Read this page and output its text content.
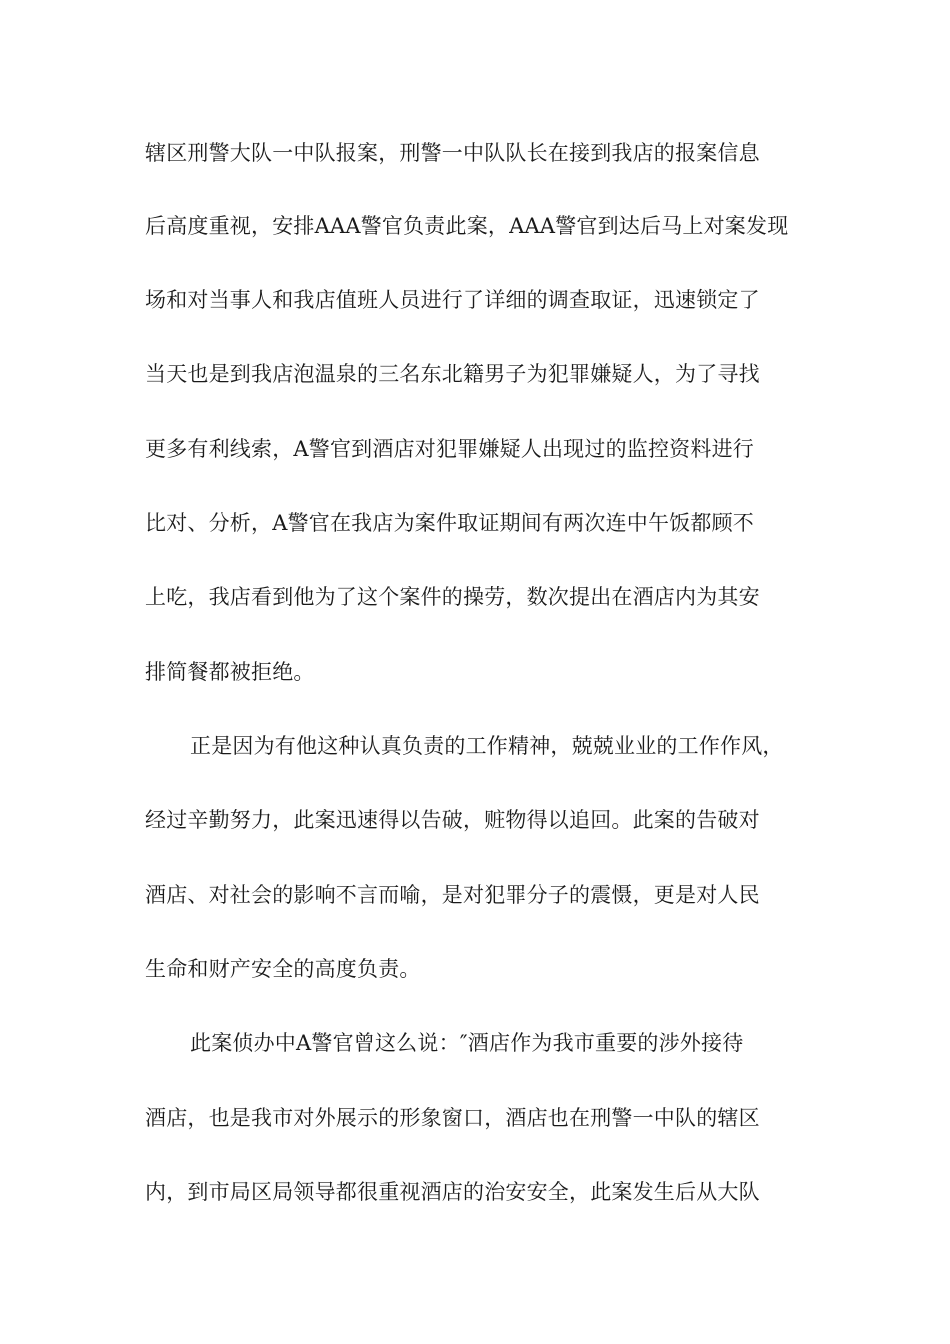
辖区刑警大队一中队报案，刑警一中队队长在接到我店的报案信息
后高度重视，安排AAA警官负责此案，AAA警官到达后马上对案发现
场和对当事人和我店值班人员进行了详细的调查取证，迅速锁定了
当天也是到我店泡温泉的三名东北籍男子为犯罪嫌疑人，为了寻找
更多有利线索，A警官到酒店对犯罪嫌疑人出现过的监控资料进行
比对、分析，A警官在我店为案件取证期间有两次连中午饭都顾不
上吃，我店看到他为了这个案件的操劳，数次提出在酒店内为其安
排简餐都被拒绝。
正是因为有他这种认真负责的工作精神，兢兢业业的工作作风，
经过辛勤努力，此案迅速得以告破，赃物得以追回。此案的告破对
酒店、对社会的影响不言而喻，是对犯罪分子的震慑，更是对人民
生命和财产安全的高度负责。
此案侦办中A警官曾这么说：″酒店作为我市重要的涉外接待
酒店，也是我市对外展示的形象窗口，酒店也在刑警一中队的辖区
内，到市局区局领导都很重视酒店的治安安全，此案发生后从大队
